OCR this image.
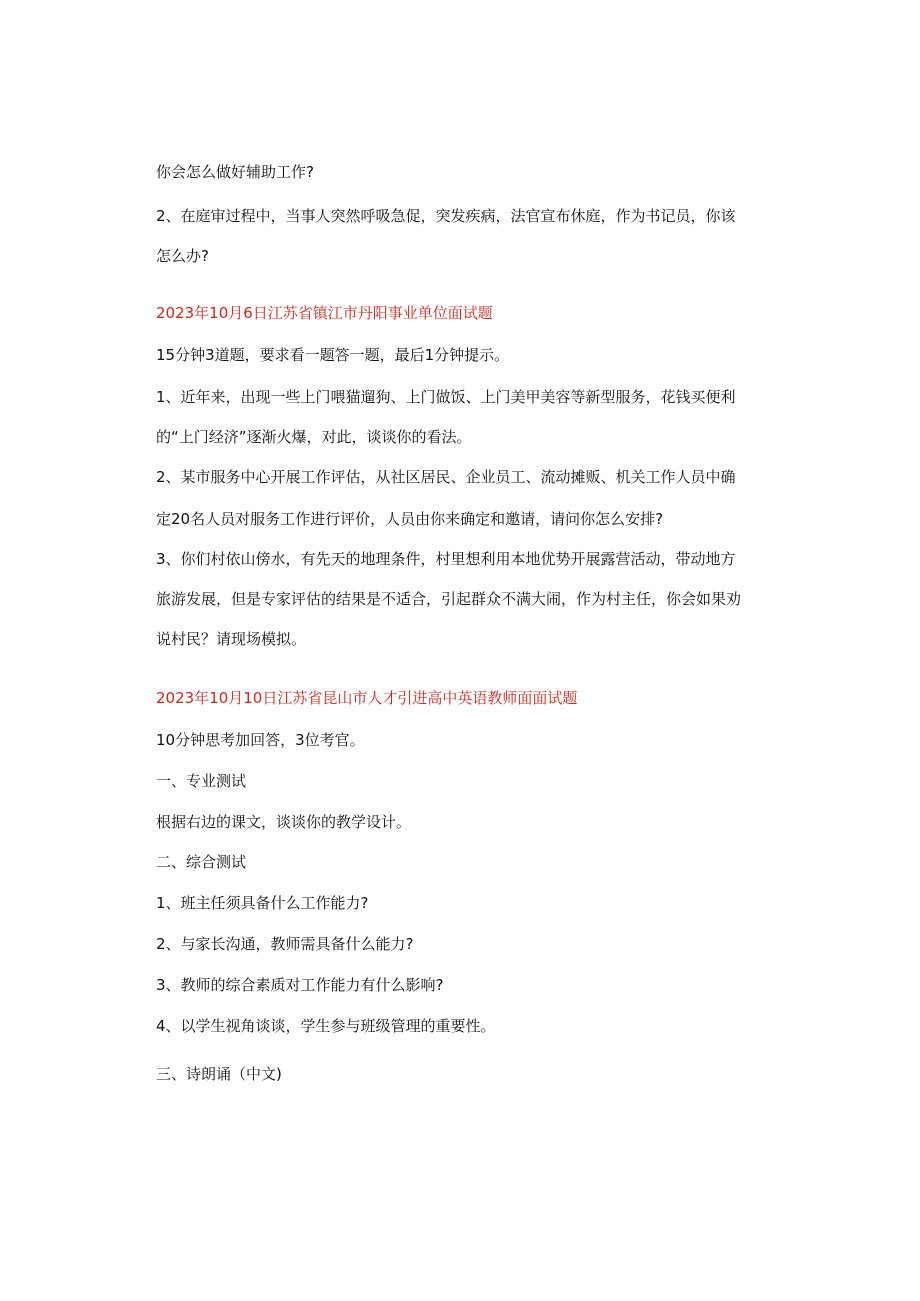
你会怎么做好辅助工作?
2、在庭审过程中，当事人突然呼吸急促，突发疾病，法官宣布休庭，作为书记员，你该
怎么办?
2023年10月6日江苏省镇江市丹阳事业单位面试题
15分钟3道题，要求看一题答一题，最后1分钟提示。
1、近年来，出现一些上门喂猫遛狗、上门做饭、上门美甲美容等新型服务，花钱买便利
的“上门经济”逐渐火爆，对此，谈谈你的看法。
2、某市服务中心开展工作评估，从社区居民、企业员工、流动摊贩、机关工作人员中确
定20名人员对服务工作进行评价，人员由你来确定和邀请，请问你怎么安排?
3、你们村依山傍水，有先天的地理条件，村里想利用本地优势开展露营活动，带动地方
旅游发展，但是专家评估的结果是不适合，引起群众不满大闹，作为村主任，你会如果劝
说村民？请现场模拟。
2023年10月10日江苏省昆山市人才引进高中英语教师面面试题
10分钟思考加回答，3位考官。
一、专业测试
根据右边的课文，谈谈你的教学设计。
二、综合测试
1、班主任须具备什么工作能力?
2、与家长沟通，教师需具备什么能力?
3、教师的综合素质对工作能力有什么影响?
4、以学生视角谈谈，学生参与班级管理的重要性。
三、诗朗诵（中文)
